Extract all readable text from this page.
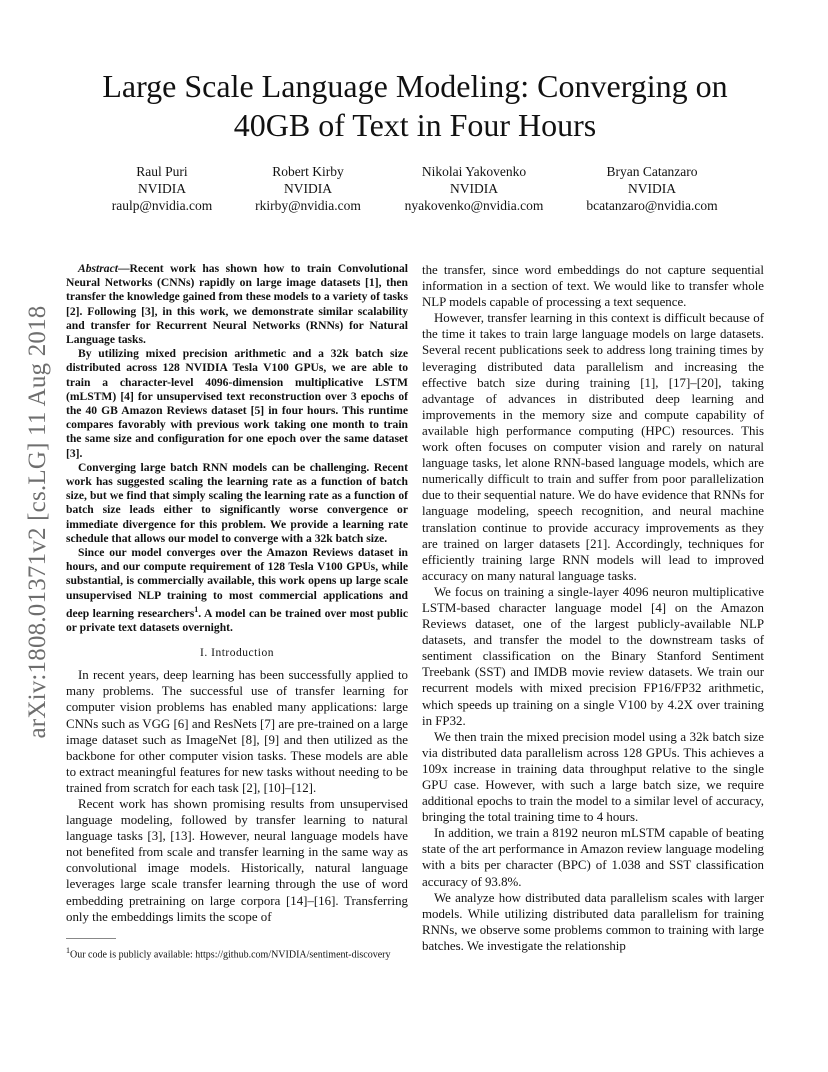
arXiv:1808.01371v2 [cs.LG] 11 Aug 2018
Large Scale Language Modeling: Converging on 40GB of Text in Four Hours
Raul Puri
NVIDIA
raulp@nvidia.com
Robert Kirby
NVIDIA
rkirby@nvidia.com
Nikolai Yakovenko
NVIDIA
nyakovenko@nvidia.com
Bryan Catanzaro
NVIDIA
bcatanzaro@nvidia.com

Abstract—Recent work has shown how to train Convolutional Neural Networks (CNNs) rapidly on large image datasets [1], then transfer the knowledge gained from these models to a variety of tasks [2]. Following [3], in this work, we demonstrate similar scalability and transfer for Recurrent Neural Networks (RNNs) for Natural Language tasks.

By utilizing mixed precision arithmetic and a 32k batch size distributed across 128 NVIDIA Tesla V100 GPUs, we are able to train a character-level 4096-dimension multiplicative LSTM (mLSTM) [4] for unsupervised text reconstruction over 3 epochs of the 40 GB Amazon Reviews dataset [5] in four hours. This runtime compares favorably with previous work taking one month to train the same size and configuration for one epoch over the same dataset [3].

Converging large batch RNN models can be challenging. Recent work has suggested scaling the learning rate as a function of batch size, but we find that simply scaling the learning rate as a function of batch size leads either to significantly worse convergence or immediate divergence for this problem. We provide a learning rate schedule that allows our model to converge with a 32k batch size.

Since our model converges over the Amazon Reviews dataset in hours, and our compute requirement of 128 Tesla V100 GPUs, while substantial, is commercially available, this work opens up large scale unsupervised NLP training to most commercial applications and deep learning researchers$^1$. A model can be trained over most public or private text datasets overnight.

I. Introduction

In recent years, deep learning has been successfully applied to many problems. The successful use of transfer learning for computer vision problems has enabled many applications: large CNNs such as VGG [6] and ResNets [7] are pre-trained on a large image dataset such as ImageNet [8], [9] and then utilized as the backbone for other computer vision tasks. These models are able to extract meaningful features for new tasks without needing to be trained from scratch for each task [2], [10]–[12].

Recent work has shown promising results from unsupervised language modeling, followed by transfer learning to natural language tasks [3], [13]. However, neural language models have not benefited from scale and transfer learning in the same way as convolutional image models. Historically, natural language leverages large scale transfer learning through the use of word embedding pretraining on large corpora [14]–[16]. Transferring only the embeddings limits the scope of

the transfer, since word embeddings do not capture sequential information in a section of text. We would like to transfer whole NLP models capable of processing a text sequence.

However, transfer learning in this context is difficult because of the time it takes to train large language models on large datasets. Several recent publications seek to address long training times by leveraging distributed data parallelism and increasing the effective batch size during training [1], [17]–[20], taking advantage of advances in distributed deep learning and improvements in the memory size and compute capability of available high performance computing (HPC) resources. This work often focuses on computer vision and rarely on natural language tasks, let alone RNN-based language models, which are numerically difficult to train and suffer from poor parallelization due to their sequential nature. We do have evidence that RNNs for language modeling, speech recognition, and neural machine translation continue to provide accuracy improvements as they are trained on larger datasets [21]. Accordingly, techniques for efficiently training large RNN models will lead to improved accuracy on many natural language tasks.

We focus on training a single-layer 4096 neuron multiplicative LSTM-based character language model [4] on the Amazon Reviews dataset, one of the largest publicly-available NLP datasets, and transfer the model to the downstream tasks of sentiment classification on the Binary Stanford Sentiment Treebank (SST) and IMDB movie review datasets. We train our recurrent models with mixed precision FP16/FP32 arithmetic, which speeds up training on a single V100 by 4.2X over training in FP32.

We then train the mixed precision model using a 32k batch size via distributed data parallelism across 128 GPUs. This achieves a 109x increase in training data throughput relative to the single GPU case. However, with such a large batch size, we require additional epochs to train the model to a similar level of accuracy, bringing the total training time to 4 hours.

In addition, we train a 8192 neuron mLSTM capable of beating state of the art performance in Amazon review language modeling with a bits per character (BPC) of 1.038 and SST classification accuracy of 93.8%.

We analyze how distributed data parallelism scales with larger models. While utilizing distributed data parallelism for training RNNs, we observe some problems common to training with large batches. We investigate the relationship

$^1$Our code is publicly available: https://github.com/NVIDIA/sentiment-discovery
